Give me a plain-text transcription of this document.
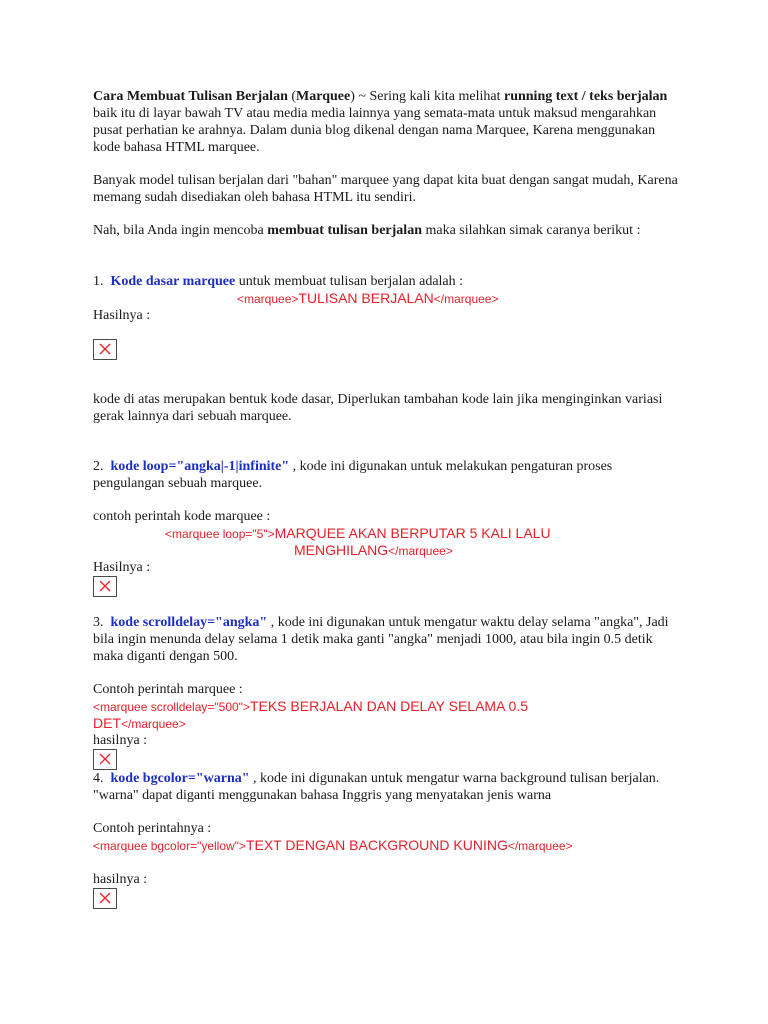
Cara Membuat Tulisan Berjalan (Marquee) ~ Sering kali kita melihat running text / teks berjalan baik itu di layar bawah TV atau media media lainnya yang semata-mata untuk maksud mengarahkan pusat perhatian ke arahnya. Dalam dunia blog dikenal dengan nama Marquee, Karena menggunakan kode bahasa HTML marquee.
Banyak model tulisan berjalan dari "bahan" marquee yang dapat kita buat dengan sangat mudah, Karena memang sudah disediakan oleh bahasa HTML itu sendiri.
Nah, bila Anda ingin mencoba membuat tulisan berjalan maka silahkan simak caranya berikut :
1. Kode dasar marquee untuk membuat tulisan berjalan adalah :
<marquee>TULISAN BERJALAN</marquee>
Hasilnya :
kode di atas merupakan bentuk kode dasar, Diperlukan tambahan kode lain jika menginginkan variasi gerak lainnya dari sebuah marquee.
2. kode loop="angka|-1|infinite" , kode ini digunakan untuk melakukan pengaturan proses pengulangan sebuah marquee.
contoh perintah kode marquee :
<marquee loop="5">MARQUEE AKAN BERPUTAR 5 KALI LALU
MENGHILANG</marquee>
Hasilnya :
3. kode scrolldelay="angka" , kode ini digunakan untuk mengatur waktu delay selama "angka", Jadi bila ingin menunda delay selama 1 detik maka ganti "angka" menjadi 1000, atau bila ingin 0.5 detik maka diganti dengan 500.
Contoh perintah marquee :
<marquee scrolldelay="500">TEKS BERJALAN DAN DELAY SELAMA 0.5
DET</marquee>
hasilnya :
4. kode bgcolor="warna" , kode ini digunakan untuk mengatur warna background tulisan berjalan. "warna" dapat diganti menggunakan bahasa Inggris yang menyatakan jenis warna
Contoh perintahnya :
<marquee bgcolor="yellow">TEXT DENGAN BACKGROUND KUNING</marquee>
hasilnya :
